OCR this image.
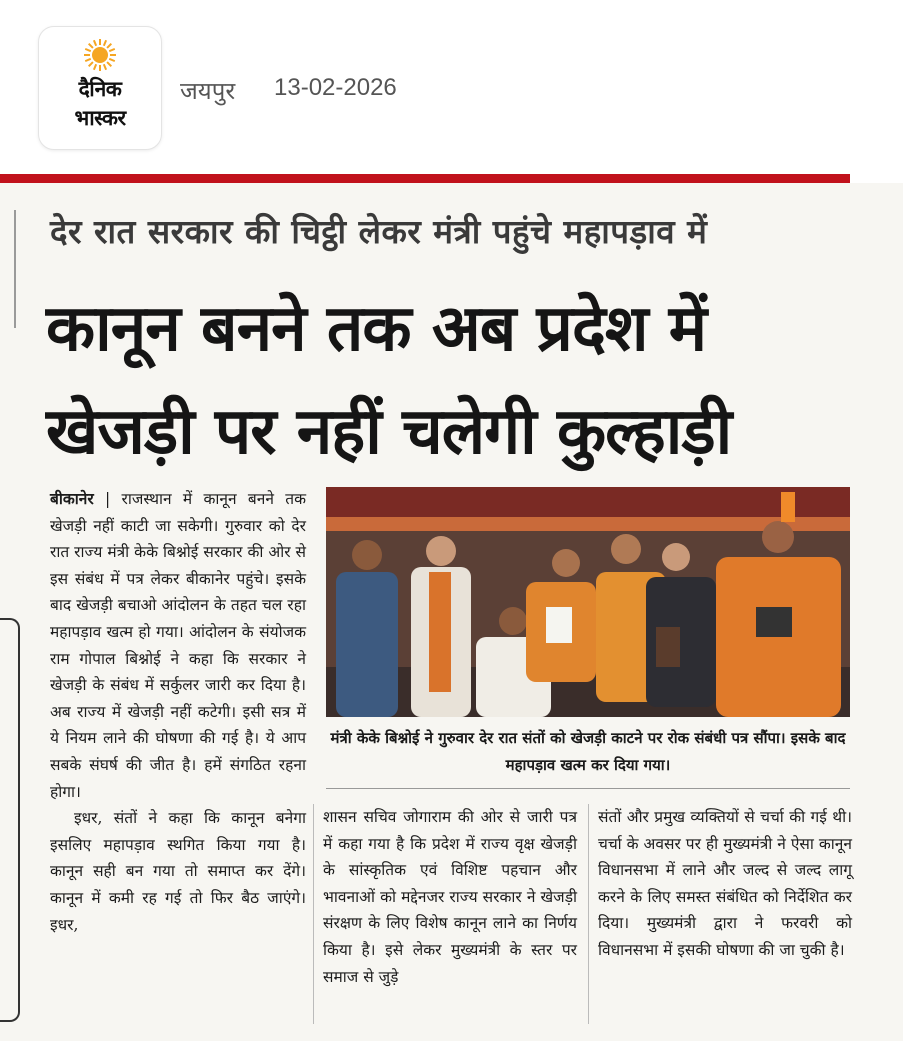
दैनिक
भास्कर
जयपुर 13-02-2026
देर रात सरकार की चिट्ठी लेकर मंत्री पहुंचे महापड़ाव में
कानून बनने तक अब प्रदेश में
खेजड़ी पर नहीं चलेगी कुल्हाड़ी
बीकानेर | राजस्थान में कानून बनने तक खेजड़ी नहीं काटी जा सकेगी। गुरुवार को देर रात राज्य मंत्री केके बिश्नोई सरकार की ओर से इस संबंध में पत्र लेकर बीकानेर पहुंचे। इसके बाद खेजड़ी बचाओ आंदोलन के तहत चल रहा महापड़ाव खत्म हो गया। आंदोलन के संयोजक राम गोपाल बिश्नोई ने कहा कि सरकार ने खेजड़ी के संबंध में सर्कुलर जारी कर दिया है। अब राज्य में खेजड़ी नहीं कटेगी। इसी सत्र में ये नियम लाने की घोषणा की गई है। ये आप सबके संघर्ष की जीत है। हमें संगठित रहना होगा।
इधर, संतों ने कहा कि कानून बनेगा इसलिए महापड़ाव स्थगित किया गया है। कानून सही बन गया तो समाप्त कर देंगे। कानून में कमी रह गई तो फिर बैठ जाएंगे। इधर,
मंत्री केके बिश्नोई ने गुरुवार देर रात संतों को खेजड़ी काटने पर रोक संबंधी पत्र सौंपा। इसके बाद महापड़ाव खत्म कर दिया गया।
शासन सचिव जोगाराम की ओर से जारी पत्र में कहा गया है कि प्रदेश में राज्य वृक्ष खेजड़ी के सांस्कृतिक एवं विशिष्ट पहचान और भावनाओं को मद्देनजर राज्य सरकार ने खेजड़ी संरक्षण के लिए विशेष कानून लाने का निर्णय किया है। इसे लेकर मुख्यमंत्री के स्तर पर समाज से जुड़े
संतों और प्रमुख व्यक्तियों से चर्चा की गई थी। चर्चा के अवसर पर ही मुख्यमंत्री ने ऐसा कानून विधानसभा में लाने और जल्द से जल्द लागू करने के लिए समस्त संबंधित को निर्देशित कर दिया। मुख्यमंत्री द्वारा ने फरवरी को विधानसभा में इसकी घोषणा की जा चुकी है।
